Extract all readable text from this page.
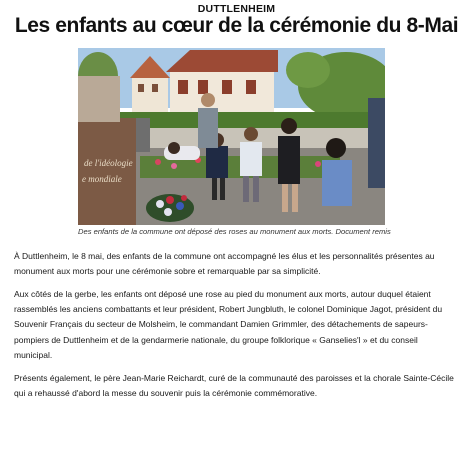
DUTTLENHEIM
Les enfants au cœur de la cérémonie du 8-Mai
de l'idéologie
e mondiale
Des enfants de la commune ont déposé des roses au monument aux morts. Document remis

À Duttlenheim, le 8 mai, des enfants de la commune ont accompagné les élus et les personnalités présentes au monument aux morts pour une cérémonie sobre et remarquable par sa simplicité.

Aux côtés de la gerbe, les enfants ont déposé une rose au pied du monument aux morts, autour duquel étaient rassemblés les anciens combattants et leur président, Robert Jungbluth, le colonel Dominique Jagot, président du Souvenir Français du secteur de Molsheim, le commandant Damien Grimmler, des détachements de sapeurs-pompiers de Duttlenheim et de la gendarmerie nationale, du groupe folklorique « Ganselies'l » et du conseil municipal.

Présents également, le père Jean-Marie Reichardt, curé de la communauté des paroisses et la chorale Sainte-Cécile qui a rehaussé d'abord la messe du souvenir puis la cérémonie commémorative.
